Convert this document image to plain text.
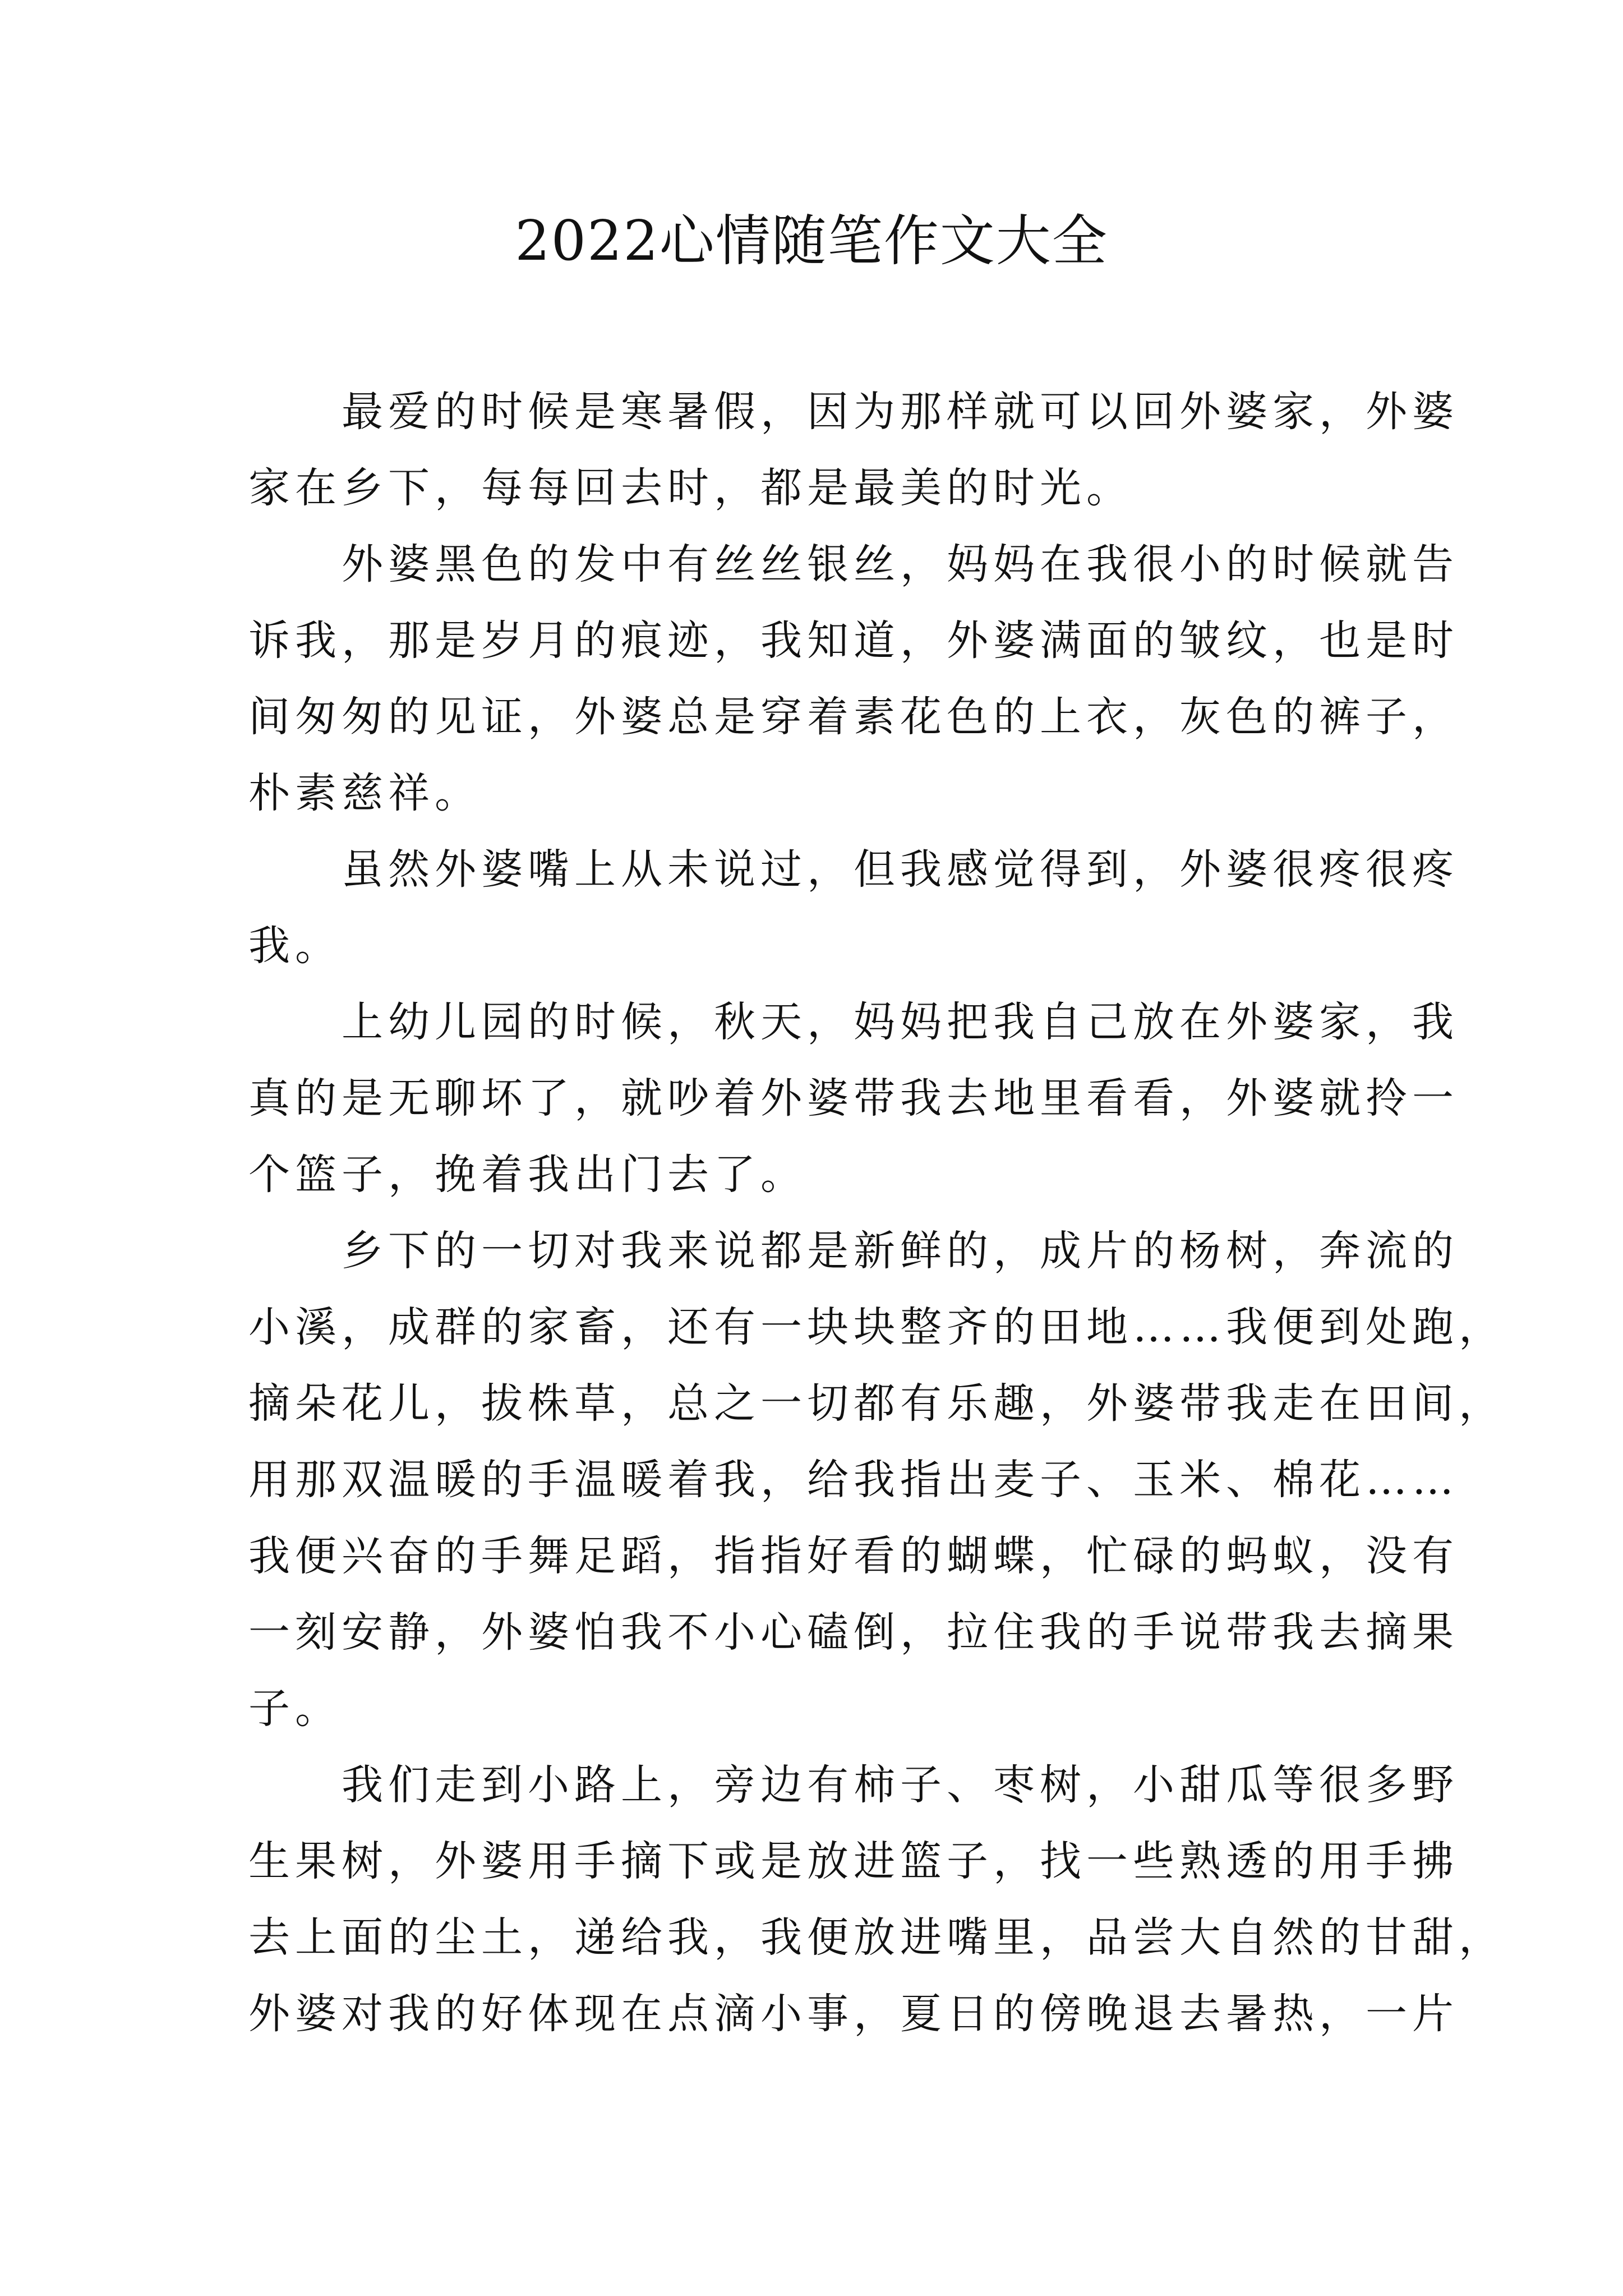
2022心情随笔作文大全
最爱的时候是寒暑假，因为那样就可以回外婆家，外婆
家在乡下，每每回去时，都是最美的时光。
外婆黑色的发中有丝丝银丝，妈妈在我很小的时候就告
诉我，那是岁月的痕迹，我知道，外婆满面的皱纹，也是时
间匆匆的见证，外婆总是穿着素花色的上衣，灰色的裤子，
朴素慈祥。
虽然外婆嘴上从未说过，但我感觉得到，外婆很疼很疼
我。
上幼儿园的时候，秋天，妈妈把我自己放在外婆家，我
真的是无聊坏了，就吵着外婆带我去地里看看，外婆就拎一
个篮子，挽着我出门去了。
乡下的一切对我来说都是新鲜的，成片的杨树，奔流的
小溪，成群的家畜，还有一块块整齐的田地……我便到处跑，
摘朵花儿，拔株草，总之一切都有乐趣，外婆带我走在田间，
用那双温暖的手温暖着我，给我指出麦子、玉米、棉花……
我便兴奋的手舞足蹈，指指好看的蝴蝶，忙碌的蚂蚁，没有
一刻安静，外婆怕我不小心磕倒，拉住我的手说带我去摘果
子。
我们走到小路上，旁边有柿子、枣树，小甜瓜等很多野
生果树，外婆用手摘下或是放进篮子，找一些熟透的用手拂
去上面的尘土，递给我，我便放进嘴里，品尝大自然的甘甜，
外婆对我的好体现在点滴小事，夏日的傍晚退去暑热，一片
